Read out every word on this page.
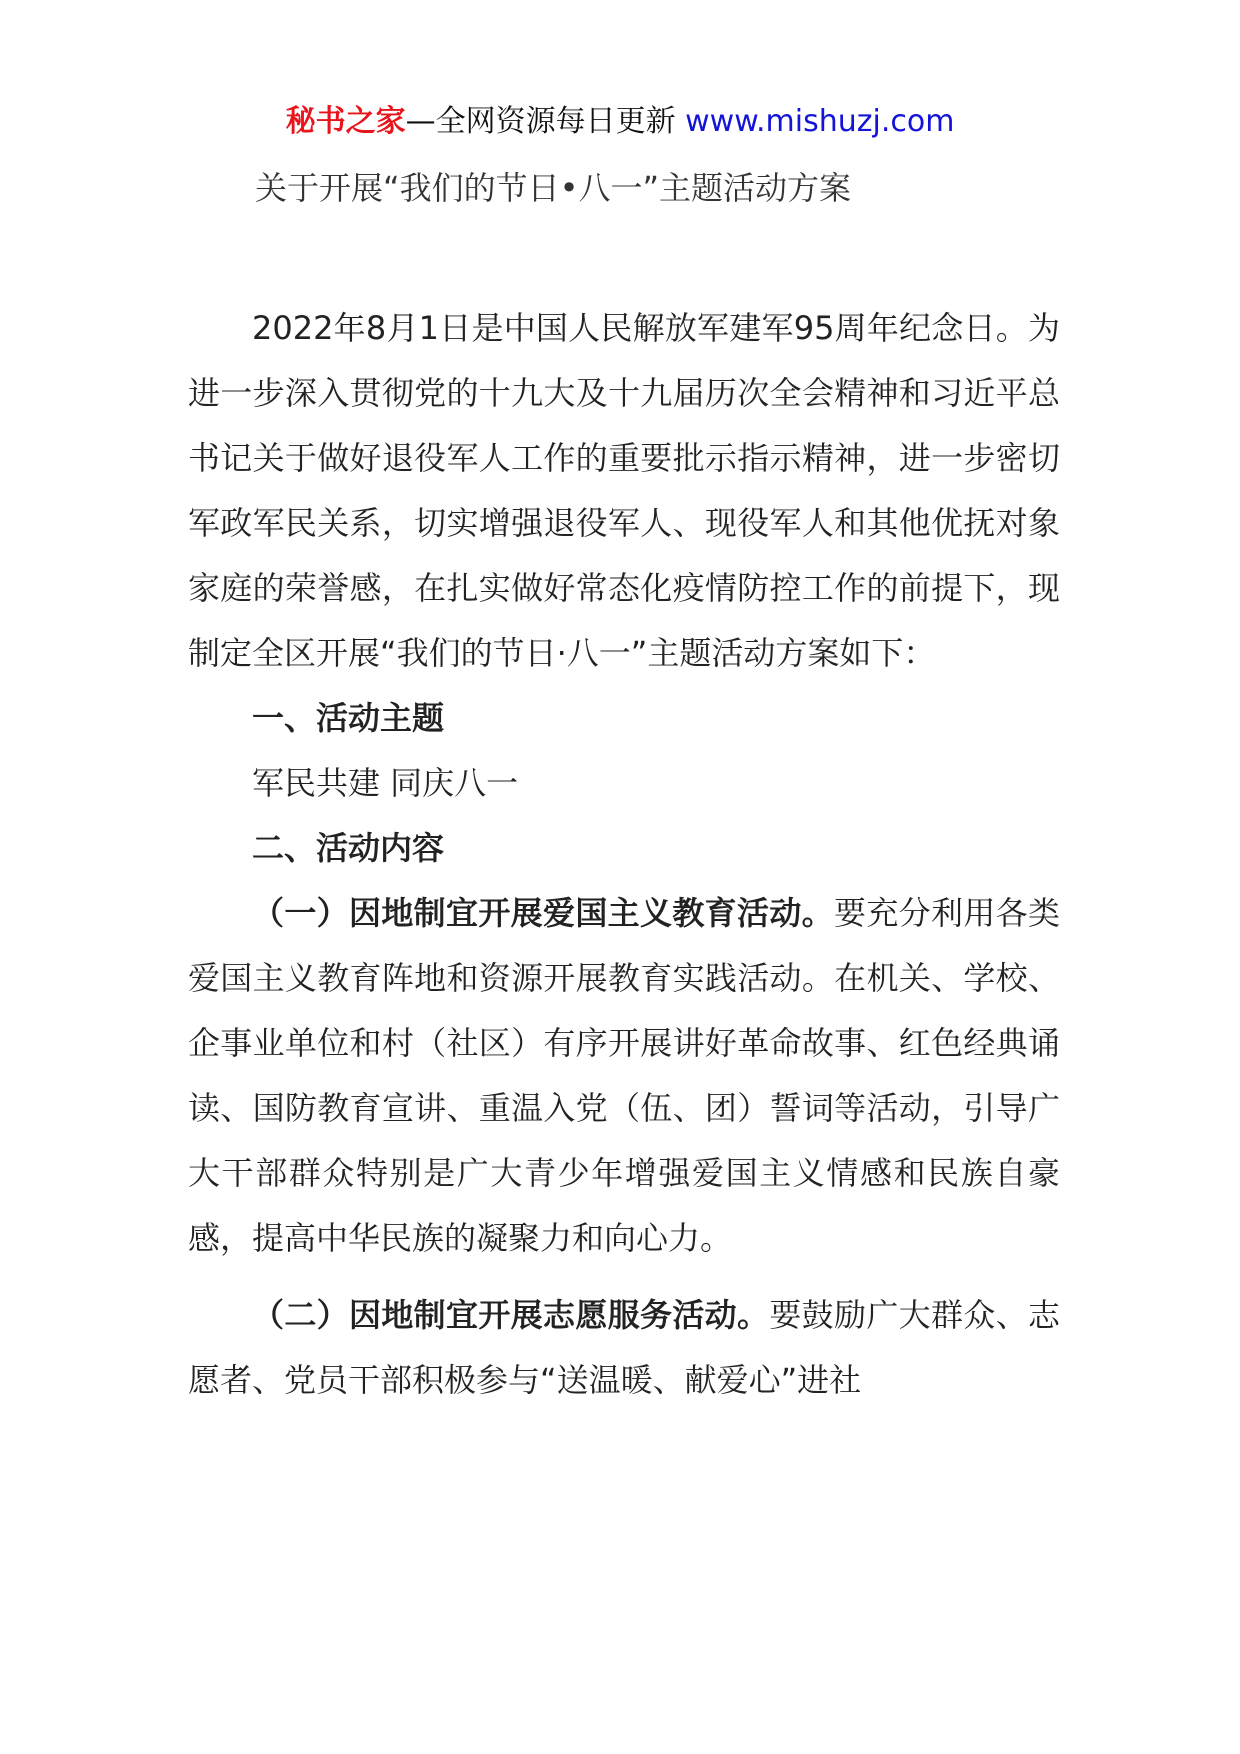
秘书之家—全网资源每日更新 www.mishuzj.com
关于开展“我们的节日•八一”主题活动方案

2022年8月1日是中国人民解放军建军95周年纪念日。为进一步深入贯彻党的十九大及十九届历次全会精神和习近平总书记关于做好退役军人工作的重要批示指示精神，进一步密切军政军民关系，切实增强退役军人、现役军人和其他优抚对象家庭的荣誉感，在扎实做好常态化疫情防控工作的前提下，现制定全区开展“我们的节日·八一”主题活动方案如下：

一、活动主题

军民共建 同庆八一

二、活动内容

（一）因地制宜开展爱国主义教育活动。要充分利用各类爱国主义教育阵地和资源开展教育实践活动。在机关、学校、企事业单位和村（社区）有序开展讲好革命故事、红色经典诵读、国防教育宣讲、重温入党（伍、团）誓词等活动，引导广大干部群众特别是广大青少年增强爱国主义情感和民族自豪感，提高中华民族的凝聚力和向心力。

（二）因地制宜开展志愿服务活动。要鼓励广大群众、志愿者、党员干部积极参与“送温暖、献爱心”进社
